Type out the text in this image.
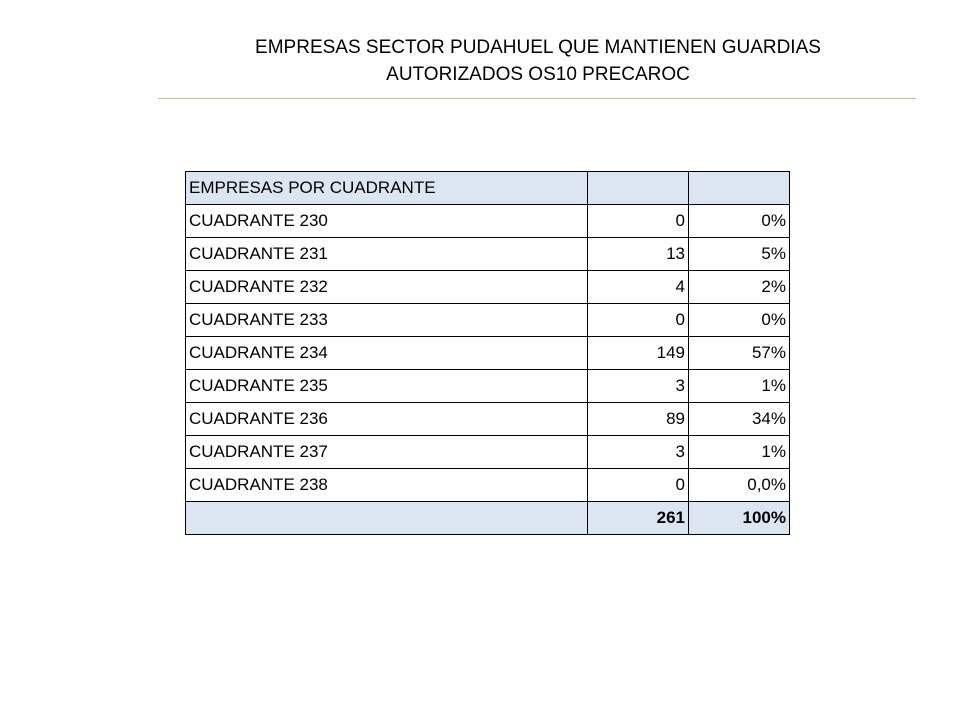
EMPRESAS SECTOR PUDAHUEL QUE MANTIENEN GUARDIAS
AUTORIZADOS OS10 PRECAROC
EMPRESAS POR CUADRANTE		
CUADRANTE 230	0	0%
CUADRANTE 231	13	5%
CUADRANTE 232	4	2%
CUADRANTE 233	0	0%
CUADRANTE 234	149	57%
CUADRANTE 235	3	1%
CUADRANTE 236	89	34%
CUADRANTE 237	3	1%
CUADRANTE 238	0	0,0%
	261	100%
